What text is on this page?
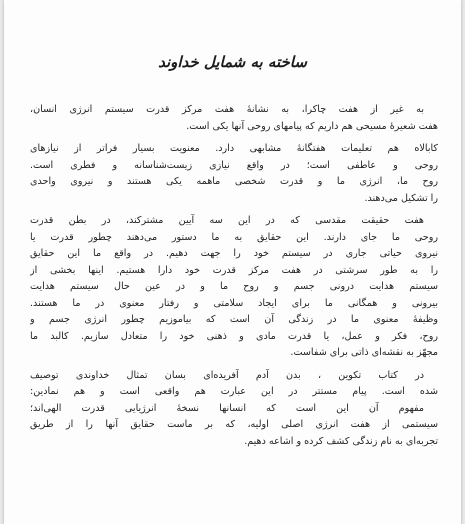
ساخته به شمایل خداوند
به غیر از هفت چاکرا، به نشانهٔ هفت مرکز قدرت سیستم انرژی انسان،
هفت شعیرهٔ مسیحی هم داریم که پیامهای روحی آنها یکی است.
کابالاه هم تعلیمات هفتگانهٔ مشابهی دارد. معنویت بسیار فراتر از نیازهای
روحی و عاطفی است؛ در واقع نیازی زیست‌شناسانه و فطری است.
روح ما، انرژی ما و قدرت شخصی ماهمه یکی هستند و نیروی واحدی
را تشکیل می‌دهند.
هفت حقیقت مقدسی که در این سه آیین مشترکند، در بطن قدرت
روحی ما جای دارند. این حقایق به ما دستور می‌دهند چطور قدرت یا
نیروی حیاتی جاری در سیستم خود را جهت دهیم. در واقع ما این حقایق
را به طور سرشتی در هفت مرکز قدرت خود دارا هستیم. اینها بخشی از
سیستم هدایت درونی جسم و روح ما و در عین حال سیستم هدایت
بیرونی و همگانی ما برای ایجاد سلامتی و رفتار معنوی در ما هستند.
وظیفهٔ معنوی ما در زندگی آن است که بیاموزیم چطور انرژی جسم و
روح، فکر و عمل، یا قدرت مادی و ذهنی خود را متعادل سازیم. کالبد ما
مجهّز به نقشه‌ای ذاتی برای شفاست.
در کتاب تکوین ، بدن آدم آفریده‌ای بسان تمثال خداوندی توصیف
شده است. پیام مستتر در این عبارت هم واقعی است و هم نمادین:
مفهوم آن این است که انسانها نسخهٔ انرژیایی قدرت الهی‌اند؛
سیستمی از هفت انرژی اصلی اولیه، که بر ماست حقایق آنها را از طریق
تجربه‌ای به نام زندگی کشف کرده و اشاعه دهیم.
